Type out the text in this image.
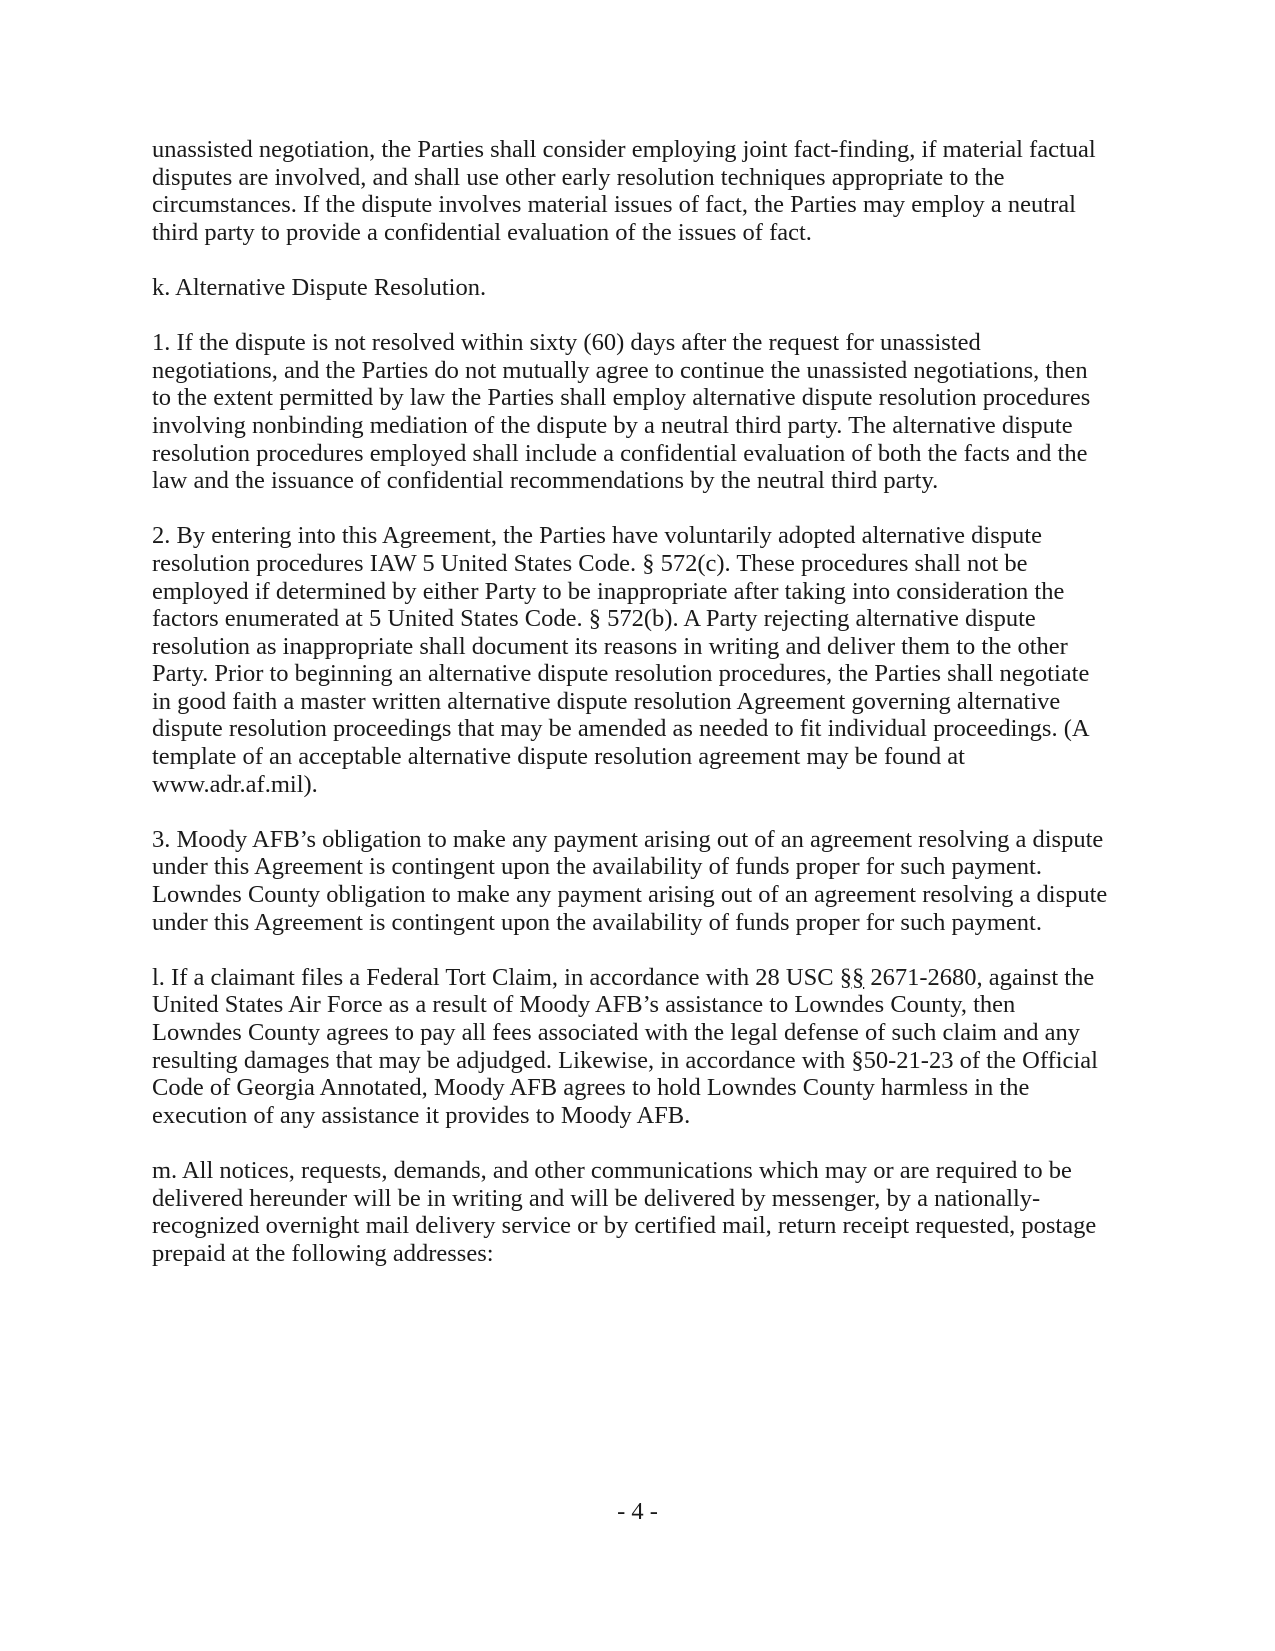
unassisted negotiation, the Parties shall consider employing joint fact-finding, if material factual
disputes are involved, and shall use other early resolution techniques appropriate to the
circumstances. If the dispute involves material issues of fact, the Parties may employ a neutral
third party to provide a confidential evaluation of the issues of fact.

k. Alternative Dispute Resolution.

1. If the dispute is not resolved within sixty (60) days after the request for unassisted
negotiations, and the Parties do not mutually agree to continue the unassisted negotiations, then
to the extent permitted by law the Parties shall employ alternative dispute resolution procedures
involving nonbinding mediation of the dispute by a neutral third party. The alternative dispute
resolution procedures employed shall include a confidential evaluation of both the facts and the
law and the issuance of confidential recommendations by the neutral third party.

2. By entering into this Agreement, the Parties have voluntarily adopted alternative dispute
resolution procedures IAW 5 United States Code. § 572(c). These procedures shall not be
employed if determined by either Party to be inappropriate after taking into consideration the
factors enumerated at 5 United States Code. § 572(b). A Party rejecting alternative dispute
resolution as inappropriate shall document its reasons in writing and deliver them to the other
Party. Prior to beginning an alternative dispute resolution procedures, the Parties shall negotiate
in good faith a master written alternative dispute resolution Agreement governing alternative
dispute resolution proceedings that may be amended as needed to fit individual proceedings. (A
template of an acceptable alternative dispute resolution agreement may be found at
www.adr.af.mil).

3. Moody AFB’s obligation to make any payment arising out of an agreement resolving a dispute
under this Agreement is contingent upon the availability of funds proper for such payment.
Lowndes County obligation to make any payment arising out of an agreement resolving a dispute
under this Agreement is contingent upon the availability of funds proper for such payment.

l. If a claimant files a Federal Tort Claim, in accordance with 28 USC §§ 2671-2680, against the
United States Air Force as a result of Moody AFB’s assistance to Lowndes County, then
Lowndes County agrees to pay all fees associated with the legal defense of such claim and any
resulting damages that may be adjudged. Likewise, in accordance with §50-21-23 of the Official
Code of Georgia Annotated, Moody AFB agrees to hold Lowndes County harmless in the
execution of any assistance it provides to Moody AFB.

m. All notices, requests, demands, and other communications which may or are required to be
delivered hereunder will be in writing and will be delivered by messenger, by a nationally-
recognized overnight mail delivery service or by certified mail, return receipt requested, postage
prepaid at the following addresses:

- 4 -
